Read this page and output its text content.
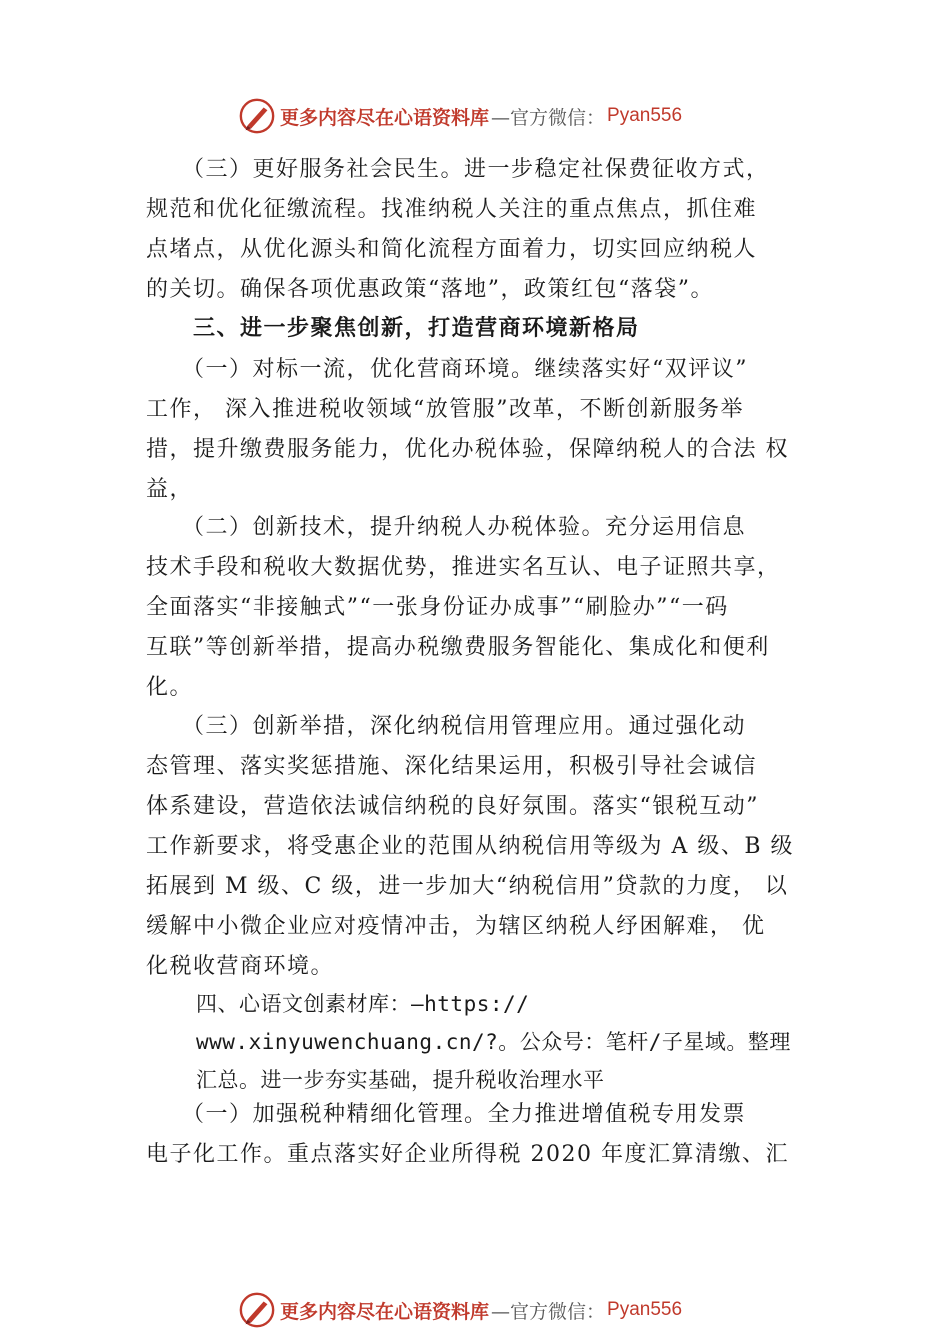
更多内容尽在心语资料库 —官方微信： Pyan556

　　（三）更好服务社会民生。进一步稳定社保费征收方式，
规范和优化征缴流程。找准纳税人关注的重点焦点，抓住难
点堵点，从优化源头和简化流程方面着力，切实回应纳税人
的关切。确保各项优惠政策“落地”，政策红包“落袋”。

　　三、进一步聚焦创新，打造营商环境新格局

　　（一）对标一流，优化营商环境。继续落实好“双评议”
工作， 深入推进税收领域“放管服”改革，不断创新服务举
措，提升缴费服务能力，优化办税体验，保障纳税人的合法 权
益，

　　（二）创新技术，提升纳税人办税体验。充分运用信息
技术手段和税收大数据优势，推进实名互认、电子证照共享，
全面落实“非接触式”“一张身份证办成事”“刷脸办”“一码
互联”等创新举措，提高办税缴费服务智能化、集成化和便利
化。

　　（三）创新举措，深化纳税信用管理应用。通过强化动
态管理、落实奖惩措施、深化结果运用，积极引导社会诚信
体系建设，营造依法诚信纳税的良好氛围。落实“银税互动”
工作新要求，将受惠企业的范围从纳税信用等级为 A 级、B 级
拓展到 M 级、C 级，进一步加大“纳税信用”贷款的力度， 以
缓解中小微企业应对疫情冲击，为辖区纳税人纾困解难， 优
化税收营商环境。

四、心语文创素材库：—https://
www.xinyuwenchuang.cn/?。公众号：笔杆/子星域。整理
汇总。进一步夯实基础，提升税收治理水平

　　（一）加强税种精细化管理。全力推进增值税专用发票
电子化工作。重点落实好企业所得税 2020 年度汇算清缴、汇

更多内容尽在心语资料库 —官方微信： Pyan556
